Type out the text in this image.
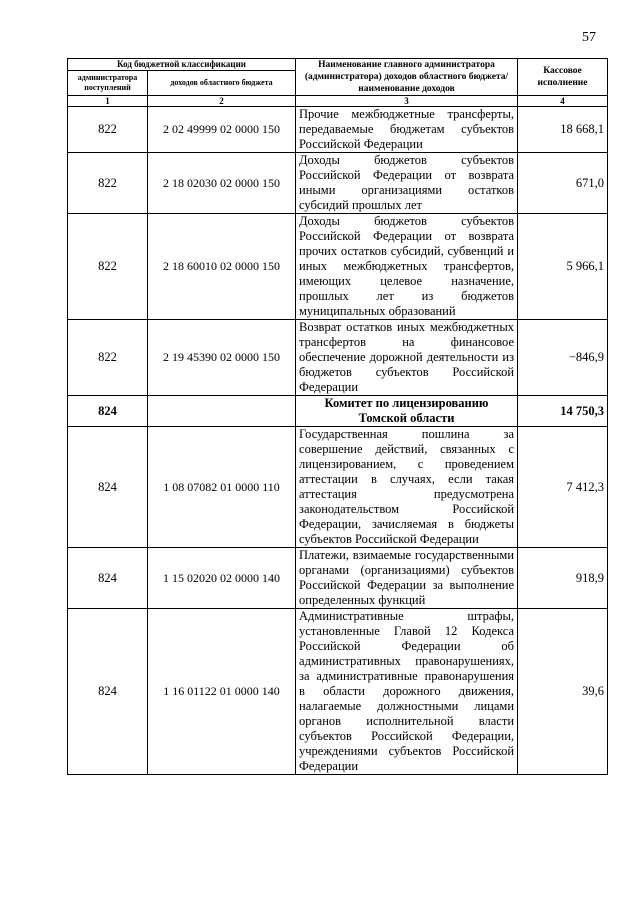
57
Код бюджетной классификации		Наименование главного администратора (администратора) доходов областного бюджета/ наименование доходов	Кассовое исполнение
администратора поступлений	доходов областного бюджета		
1	2	3	4
822	2 02 49999 02 0000 150	Прочие межбюджетные трансферты, передаваемые бюджетам субъектов Российской Федерации	18 668,1
822	2 18 02030 02 0000 150	Доходы бюджетов субъектов Российской Федерации от возврата иными организациями остатков субсидий прошлых лет	671,0
822	2 18 60010 02 0000 150	Доходы бюджетов субъектов Российской Федерации от возврата прочих остатков субсидий, субвенций и иных межбюджетных трансфертов, имеющих целевое назначение, прошлых лет из бюджетов муниципальных образований	5 966,1
822	2 19 45390 02 0000 150	Возврат остатков иных межбюджетных трансфертов на финансовое обеспечение дорожной деятельности из бюджетов субъектов Российской Федерации	−846,9
824		Комитет по лицензированию Томской области	14 750,3
824	1 08 07082 01 0000 110	Государственная пошлина за совершение действий, связанных с лицензированием, с проведением аттестации в случаях, если такая аттестация предусмотрена законодательством Российской Федерации, зачисляемая в бюджеты субъектов Российской Федерации	7 412,3
824	1 15 02020 02 0000 140	Платежи, взимаемые государственными органами (организациями) субъектов Российской Федерации за выполнение определенных функций	918,9
824	1 16 01122 01 0000 140	Административные штрафы, установленные Главой 12 Кодекса Российской Федерации об административных правонарушениях, за административные правонарушения в области дорожного движения, налагаемые должностными лицами органов исполнительной власти субъектов Российской Федерации, учреждениями субъектов Российской Федерации	39,6
